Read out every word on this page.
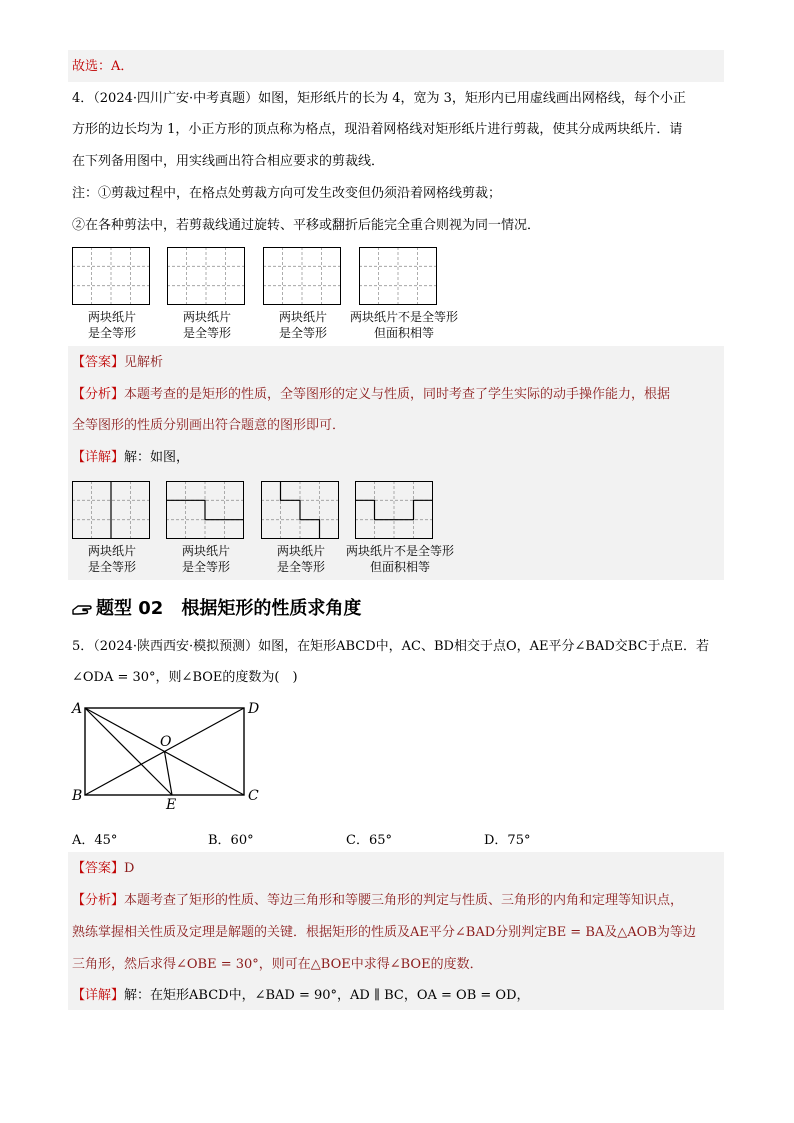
故选：A．
4．（2024·四川广安·中考真题）如图，矩形纸片的长为 4，宽为 3，矩形内已用虚线画出网格线，每个小正
方形的边长均为 1，小正方形的顶点称为格点，现沿着网格线对矩形纸片进行剪裁，使其分成两块纸片．请
在下列备用图中，用实线画出符合相应要求的剪裁线．
注：①剪裁过程中，在格点处剪裁方向可发生改变但仍须沿着网格线剪裁；
②在各种剪法中，若剪裁线通过旋转、平移或翻折后能完全重合则视为同一情况．
两块纸片
是全等形
两块纸片
是全等形
两块纸片
是全等形
两块纸片不是全等形
但面积相等
【答案】见解析
【分析】本题考查的是矩形的性质，全等图形的定义与性质，同时考查了学生实际的动手操作能力，根据
全等图形的性质分别画出符合题意的图形即可．
【详解】解：如图，
两块纸片
是全等形
两块纸片
是全等形
两块纸片
是全等形
两块纸片不是全等形
但面积相等
题型 02　根据矩形的性质求角度
5．（2024·陕西西安·模拟预测）如图，在矩形ABCD中，AC、BD相交于点O，AE平分∠BAD交BC于点E．若
∠ODA = 30°，则∠BOE的度数为(　)
A	D
O
B	C
E
A．45°	B．60°	C．65°	D．75°
【答案】D
【分析】本题考查了矩形的性质、等边三角形和等腰三角形的判定与性质、三角形的内角和定理等知识点，
熟练掌握相关性质及定理是解题的关键．根据矩形的性质及AE平分∠BAD分别判定BE = BA及△AOB为等边
三角形，然后求得∠OBE = 30°，则可在△BOE中求得∠BOE的度数．
【详解】解：在矩形ABCD中，∠BAD = 90°，AD ∥ BC，OA = OB = OD，
